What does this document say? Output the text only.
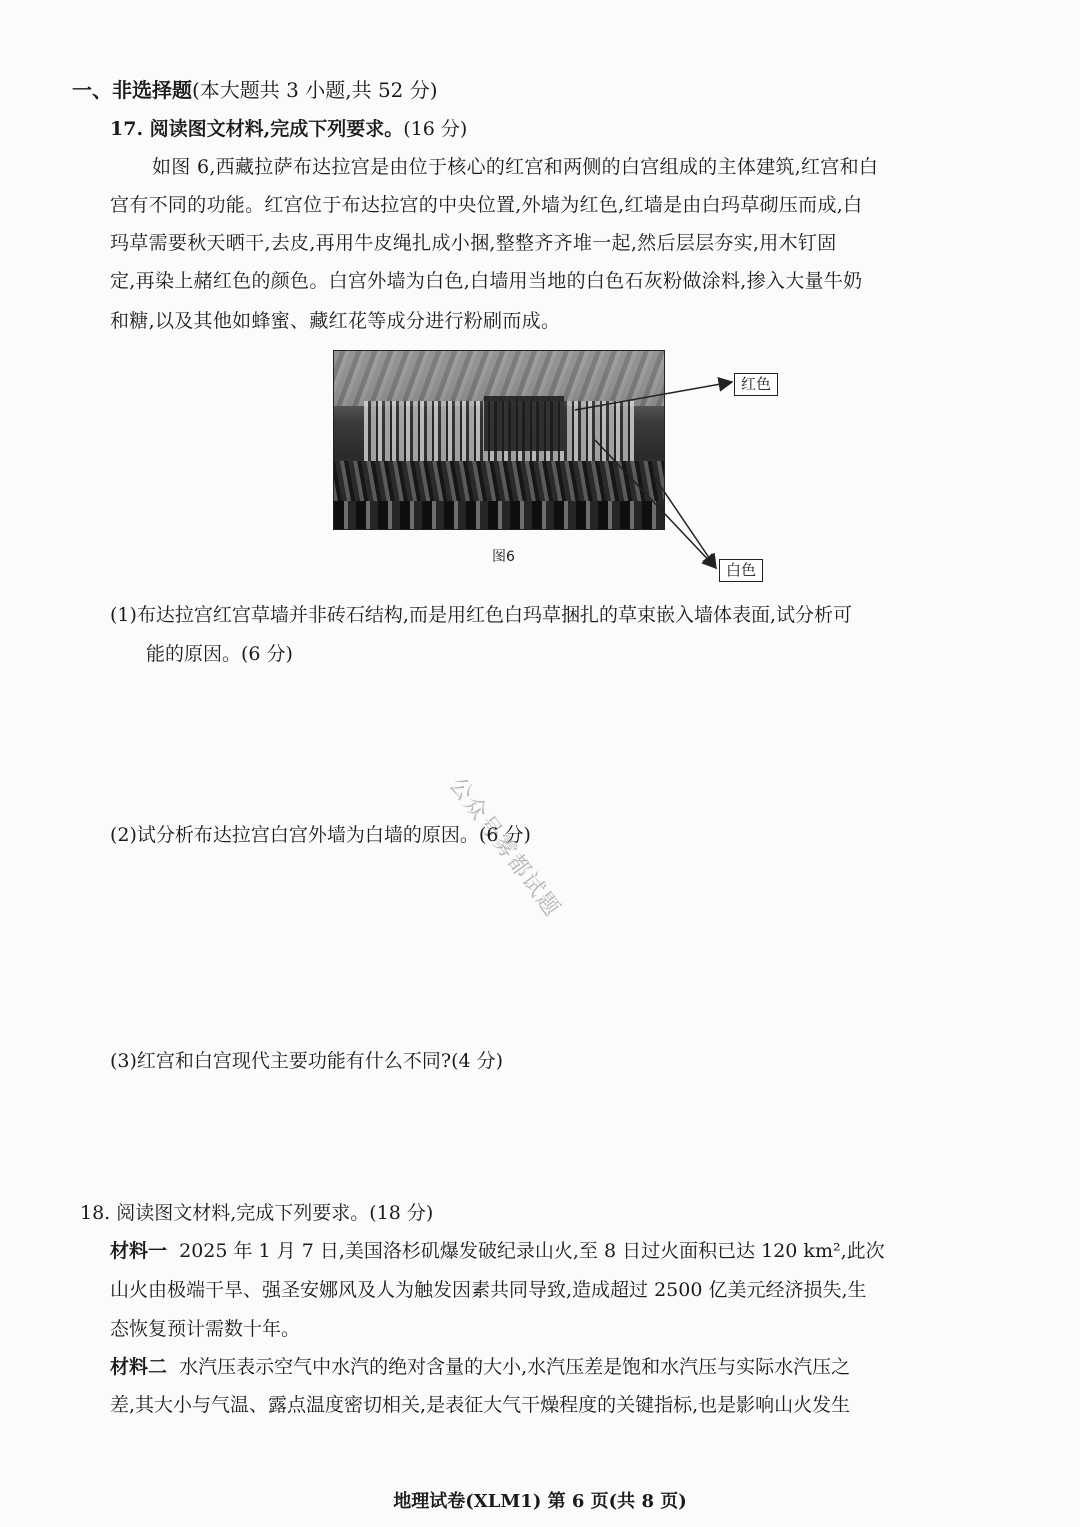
一、非选择题(本大题共 3 小题,共 52 分)
17. 阅读图文材料,完成下列要求。(16 分)
如图 6,西藏拉萨布达拉宫是由位于核心的红宫和两侧的白宫组成的主体建筑,红宫和白
宫有不同的功能。红宫位于布达拉宫的中央位置,外墙为红色,红墙是由白玛草砌压而成,白
玛草需要秋天晒干,去皮,再用牛皮绳扎成小捆,整整齐齐堆一起,然后层层夯实,用木钉固
定,再染上赭红色的颜色。白宫外墙为白色,白墙用当地的白色石灰粉做涂料,掺入大量牛奶
和糖,以及其他如蜂蜜、藏红花等成分进行粉刷而成。
红色
白色
图6
(1)布达拉宫红宫草墙并非砖石结构,而是用红色白玛草捆扎的草束嵌入墙体表面,试分析可
能的原因。(6 分)
公众号雾都试题
(2)试分析布达拉宫白宫外墙为白墙的原因。(6 分)
(3)红宫和白宫现代主要功能有什么不同?(4 分)
18. 阅读图文材料,完成下列要求。(18 分)
材料一 2025 年 1 月 7 日,美国洛杉矶爆发破纪录山火,至 8 日过火面积已达 120 km²,此次
山火由极端干旱、强圣安娜风及人为触发因素共同导致,造成超过 2500 亿美元经济损失,生
态恢复预计需数十年。
材料二 水汽压表示空气中水汽的绝对含量的大小,水汽压差是饱和水汽压与实际水汽压之
差,其大小与气温、露点温度密切相关,是表征大气干燥程度的关键指标,也是影响山火发生
地理试卷(XLM1) 第 6 页(共 8 页)
